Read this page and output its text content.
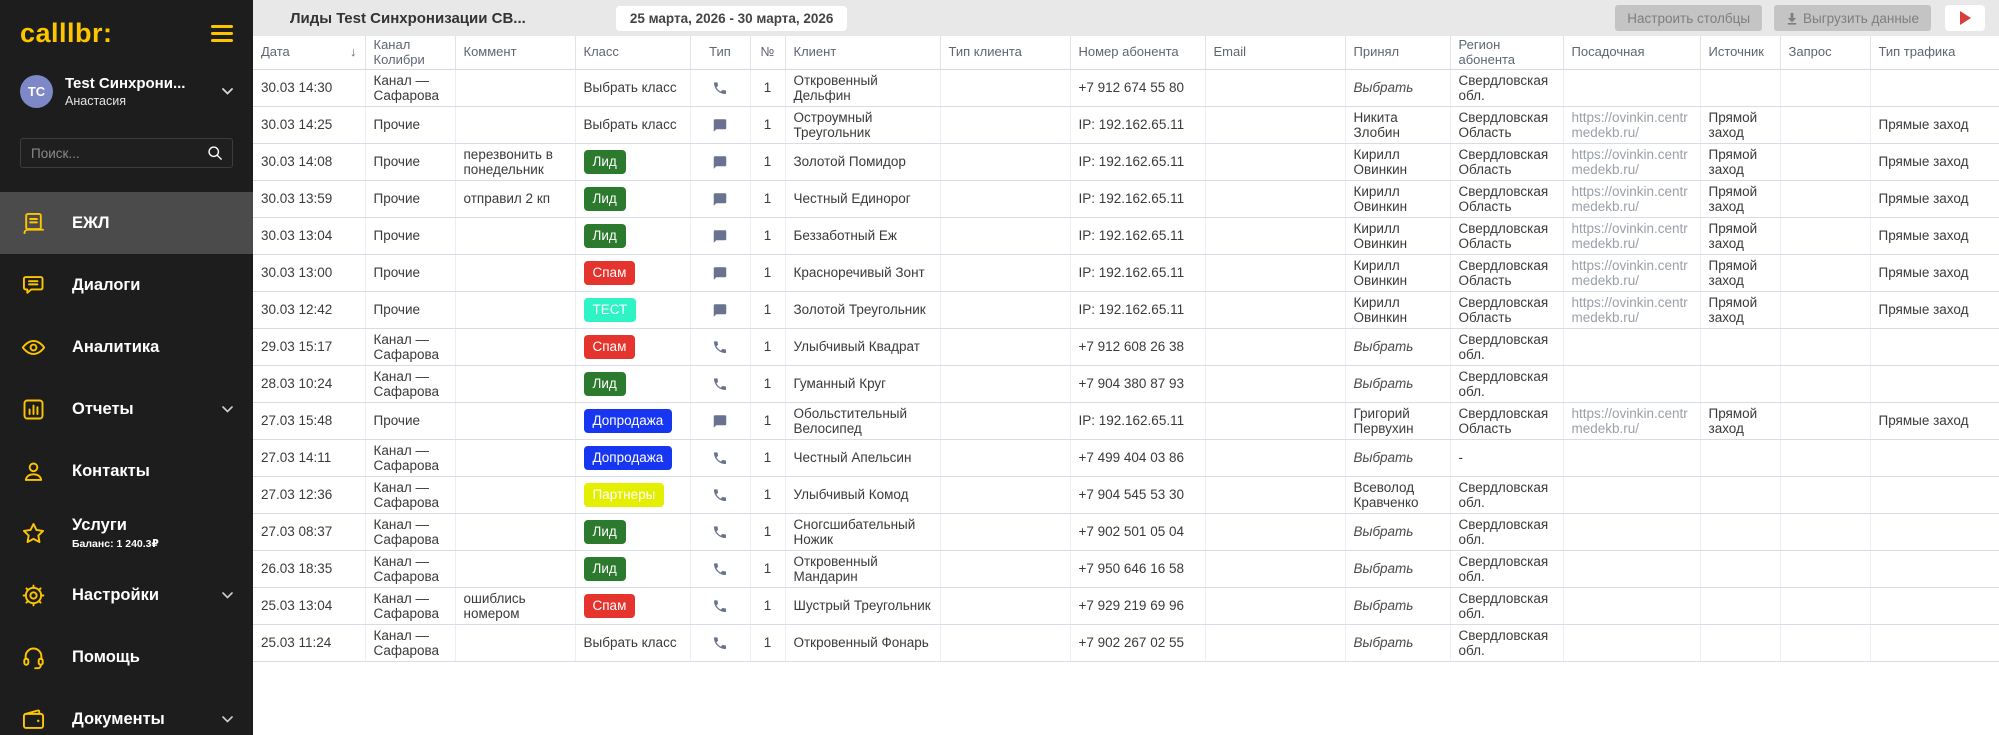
calllbr:
TC	Test Синхрони...
Анастасия
Поиск...
ЕЖЛ
Диалоги
Аналитика
Отчеты
Контакты
Услуги
Баланс: 1 240.3₽
Настройки
Помощь
Документы
Лиды Test Синхронизации СВ...	25 марта, 2026 - 30 марта, 2026	Настроить столбцы	Выгрузить данные
Дата ↓	Канал Колибри	Коммент	Класс	Тип	№	Клиент	Тип клиента	Номер абонента	Email	Принял	Регион абонента	Посадочная	Источник	Запрос	Тип трафика
30.03 14:30	Канал — Сафарова		Выбрать класс		1	Откровенный Дельфин		+7 912 674 55 80		Выбрать	Свердловская обл.				
30.03 14:25	Прочие		Выбрать класс		1	Остроумный Треугольник		IP: 192.162.65.11		Никита Злобин	Свердловская Область	https://ovinkin.centrmedekb.ru/	Прямой заход		Прямые заход
30.03 14:08	Прочие	перезвонить в понедельник	Лид		1	Золотой Помидор		IP: 192.162.65.11		Кирилл Овинкин	Свердловская Область	https://ovinkin.centrmedekb.ru/	Прямой заход		Прямые заход
30.03 13:59	Прочие	отправил 2 кп	Лид		1	Честный Единорог		IP: 192.162.65.11		Кирилл Овинкин	Свердловская Область	https://ovinkin.centrmedekb.ru/	Прямой заход		Прямые заход
30.03 13:04	Прочие		Лид		1	Беззаботный Еж		IP: 192.162.65.11		Кирилл Овинкин	Свердловская Область	https://ovinkin.centrmedekb.ru/	Прямой заход		Прямые заход
30.03 13:00	Прочие		Спам		1	Красноречивый Зонт		IP: 192.162.65.11		Кирилл Овинкин	Свердловская Область	https://ovinkin.centrmedekb.ru/	Прямой заход		Прямые заход
30.03 12:42	Прочие		ТЕСТ		1	Золотой Треугольник		IP: 192.162.65.11		Кирилл Овинкин	Свердловская Область	https://ovinkin.centrmedekb.ru/	Прямой заход		Прямые заход
29.03 15:17	Канал — Сафарова		Спам		1	Улыбчивый Квадрат		+7 912 608 26 38		Выбрать	Свердловская обл.				
28.03 10:24	Канал — Сафарова		Лид		1	Гуманный Круг		+7 904 380 87 93		Выбрать	Свердловская обл.				
27.03 15:48	Прочие		Допродажа		1	Обольстительный Велосипед		IP: 192.162.65.11		Григорий Первухин	Свердловская Область	https://ovinkin.centrmedekb.ru/	Прямой заход		Прямые заход
27.03 14:11	Канал — Сафарова		Допродажа		1	Честный Апельсин		+7 499 404 03 86		Выбрать	-				
27.03 12:36	Канал — Сафарова		Партнеры		1	Улыбчивый Комод		+7 904 545 53 30		Всеволод Кравченко	Свердловская обл.				
27.03 08:37	Канал — Сафарова		Лид		1	Сногсшибательный Ножик		+7 902 501 05 04		Выбрать	Свердловская обл.				
26.03 18:35	Канал — Сафарова		Лид		1	Откровенный Мандарин		+7 950 646 16 58		Выбрать	Свердловская обл.				
25.03 13:04	Канал — Сафарова	ошиблись номером	Спам		1	Шустрый Треугольник		+7 929 219 69 96		Выбрать	Свердловская обл.				
25.03 11:24	Канал — Сафарова		Выбрать класс		1	Откровенный Фонарь		+7 902 267 02 55		Выбрать	Свердловская обл.				
